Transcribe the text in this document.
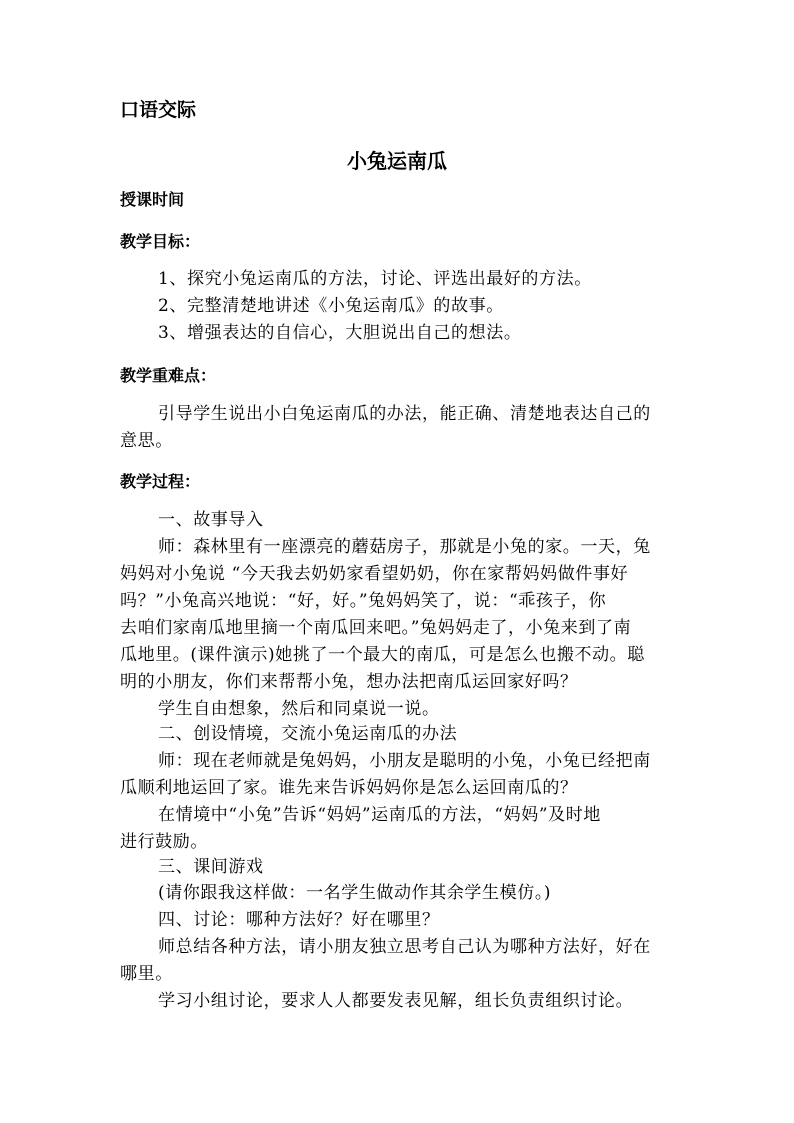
口语交际
小兔运南瓜
授课时间
教学目标：
1、探究小兔运南瓜的方法，讨论、评选出最好的方法。
2、完整清楚地讲述《小兔运南瓜》的故事。
3、增强表达的自信心，大胆说出自己的想法。
教学重难点：
引导学生说出小白兔运南瓜的办法，能正确、清楚地表达自己的
意思。
教学过程：
一、故事导入
师：森林里有一座漂亮的蘑菇房子，那就是小兔的家。一天，兔
妈妈对小兔说 “今天我去奶奶家看望奶奶，你在家帮妈妈做件事好
吗？”小兔高兴地说：“好，好。”兔妈妈笑了，说：“乖孩子，你
去咱们家南瓜地里摘一个南瓜回来吧。”兔妈妈走了，小兔来到了南
瓜地里。(课件演示)她挑了一个最大的南瓜，可是怎么也搬不动。聪
明的小朋友，你们来帮帮小兔，想办法把南瓜运回家好吗？
学生自由想象，然后和同桌说一说。
二、创设情境，交流小兔运南瓜的办法
师：现在老师就是兔妈妈，小朋友是聪明的小兔，小兔已经把南
瓜顺利地运回了家。谁先来告诉妈妈你是怎么运回南瓜的？
在情境中“小兔”告诉“妈妈”运南瓜的方法，“妈妈”及时地
进行鼓励。
三、课间游戏
(请你跟我这样做：一名学生做动作其余学生模仿。)
四、讨论：哪种方法好？好在哪里？
师总结各种方法，请小朋友独立思考自己认为哪种方法好，好在
哪里。
学习小组讨论，要求人人都要发表见解，组长负责组织讨论。
